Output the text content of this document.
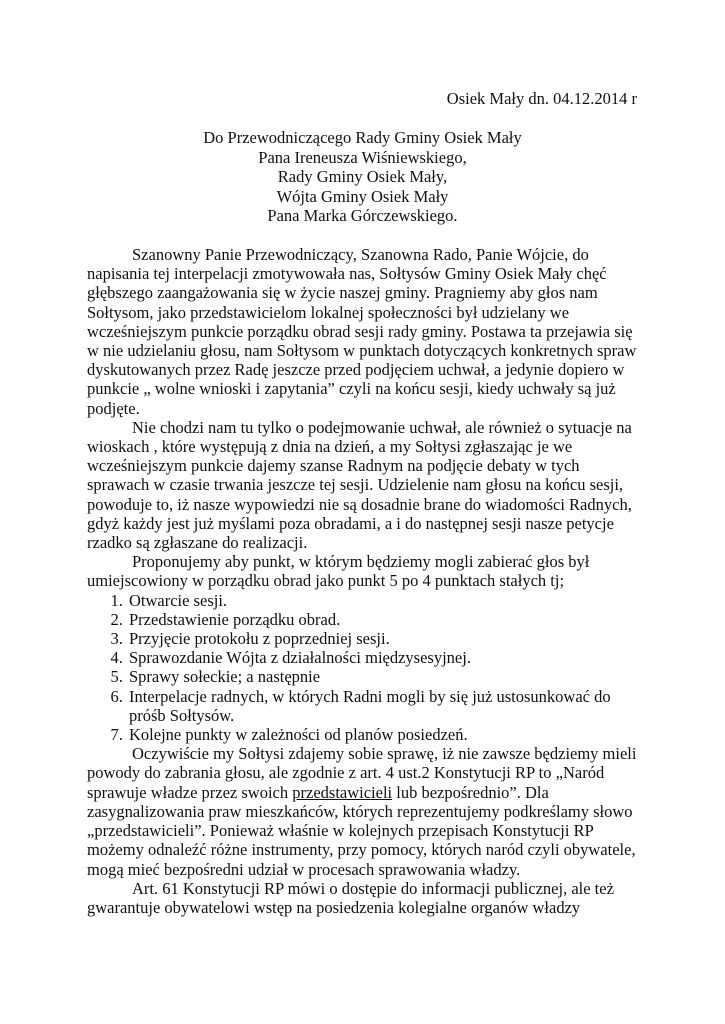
Osiek Mały dn. 04.12.2014 r
Do Przewodniczącego Rady Gminy Osiek Mały
Pana Ireneusza Wiśniewskiego,
Rady Gminy Osiek Mały,
Wójta Gminy Osiek Mały
Pana Marka Górczewskiego.

Szanowny Panie Przewodniczący, Szanowna Rado, Panie Wójcie, do napisania tej interpelacji zmotywowała nas, Sołtysów Gminy Osiek Mały chęć głębszego zaangażowania się w życie naszej gminy. Pragniemy aby głos nam Sołtysom, jako przedstawicielom lokalnej społeczności był udzielany we wcześniejszym punkcie porządku obrad sesji rady gminy. Postawa ta przejawia się w nie udzielaniu głosu, nam Sołtysom w punktach dotyczących konkretnych spraw dyskutowanych przez Radę jeszcze przed podjęciem uchwał, a jedynie dopiero w punkcie „ wolne wnioski i zapytania” czyli na końcu sesji, kiedy uchwały są już podjęte.

Nie chodzi nam tu tylko o podejmowanie uchwał, ale również o sytuacje na wioskach , które występują z dnia na dzień, a my Sołtysi zgłaszając je we wcześniejszym punkcie dajemy szanse Radnym na podjęcie debaty w tych sprawach w czasie trwania jeszcze tej sesji. Udzielenie nam głosu na końcu sesji, powoduje to, iż nasze wypowiedzi nie są dosadnie brane do wiadomości Radnych, gdyż każdy jest już myślami poza obradami, a i do następnej sesji nasze petycje rzadko są zgłaszane do realizacji.

Proponujemy aby punkt, w którym będziemy mogli zabierać głos był umiejscowiony w porządku obrad jako punkt 5 po 4 punktach stałych tj;

1. Otwarcie sesji.
2. Przedstawienie porządku obrad.
3. Przyjęcie protokołu z poprzedniej sesji.
4. Sprawozdanie Wójta z działalności międzysesyjnej.
5. Sprawy sołeckie; a następnie
6. Interpelacje radnych, w których Radni mogli by się już ustosunkować do próśb Sołtysów.
7. Kolejne punkty w zależności od planów posiedzeń.

Oczywiście my Sołtysi zdajemy sobie sprawę, iż nie zawsze będziemy mieli powody do zabrania głosu, ale zgodnie z art. 4 ust.2 Konstytucji RP to „Naród sprawuje władze przez swoich przedstawicieli lub bezpośrednio”. Dla zasygnalizowania praw mieszkańców, których reprezentujemy podkreślamy słowo „przedstawicieli”. Ponieważ właśnie w kolejnych przepisach Konstytucji RP możemy odnaleźć różne instrumenty, przy pomocy, których naród czyli obywatele, mogą mieć bezpośredni udział w procesach sprawowania władzy.

Art. 61 Konstytucji RP mówi o dostępie do informacji publicznej, ale też gwarantuje obywatelowi wstęp na posiedzenia kolegialne organów władzy
